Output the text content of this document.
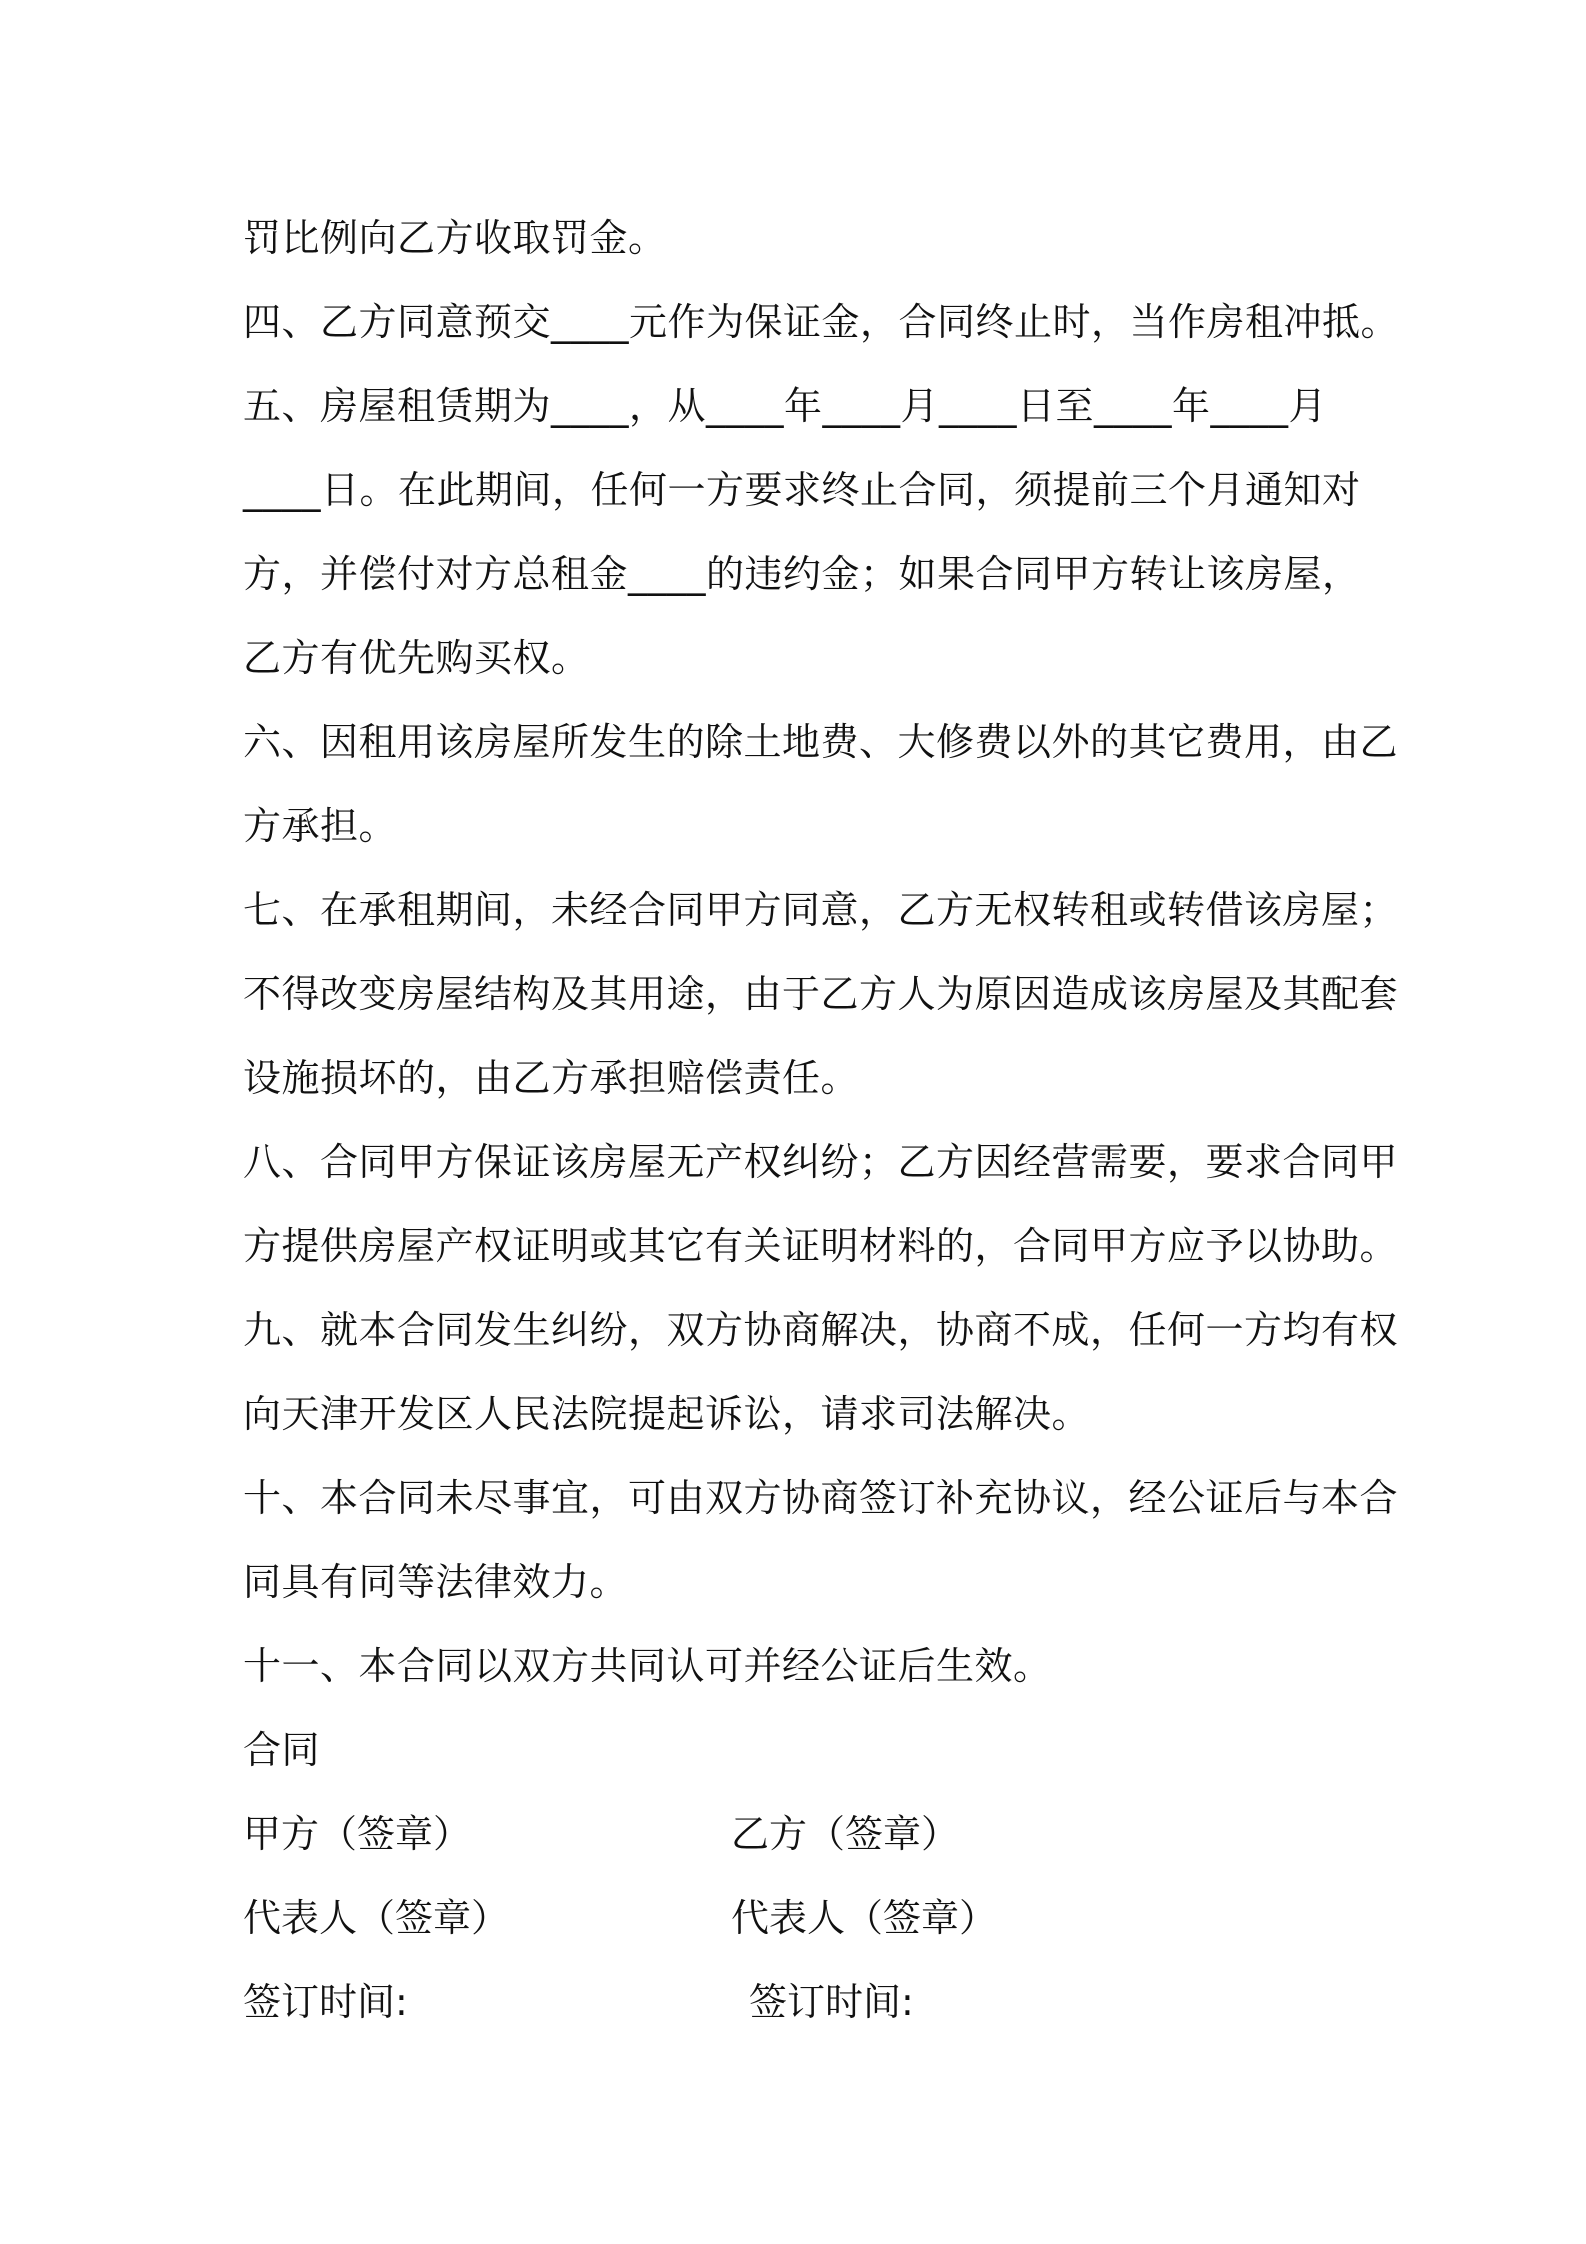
罚比例向乙方收取罚金。
四、乙方同意预交____元作为保证金，合同终止时，当作房租冲抵。
五、房屋租赁期为____，从____年____月____日至____年____月
____日。在此期间，任何一方要求终止合同，须提前三个月通知对
方，并偿付对方总租金____的违约金；如果合同甲方转让该房屋，
乙方有优先购买权。
六、因租用该房屋所发生的除土地费、大修费以外的其它费用，由乙
方承担。
七、在承租期间，未经合同甲方同意，乙方无权转租或转借该房屋；
不得改变房屋结构及其用途，由于乙方人为原因造成该房屋及其配套
设施损坏的，由乙方承担赔偿责任。
八、合同甲方保证该房屋无产权纠纷；乙方因经营需要，要求合同甲
方提供房屋产权证明或其它有关证明材料的，合同甲方应予以协助。
九、就本合同发生纠纷，双方协商解决，协商不成，任何一方均有权
向天津开发区人民法院提起诉讼，请求司法解决。
十、本合同未尽事宜，可由双方协商签订补充协议，经公证后与本合
同具有同等法律效力。
十一、本合同以双方共同认可并经公证后生效。
合同
甲方（签章）	乙方（签章）
代表人（签章）	代表人（签章）
签订时间:	签订时间:
